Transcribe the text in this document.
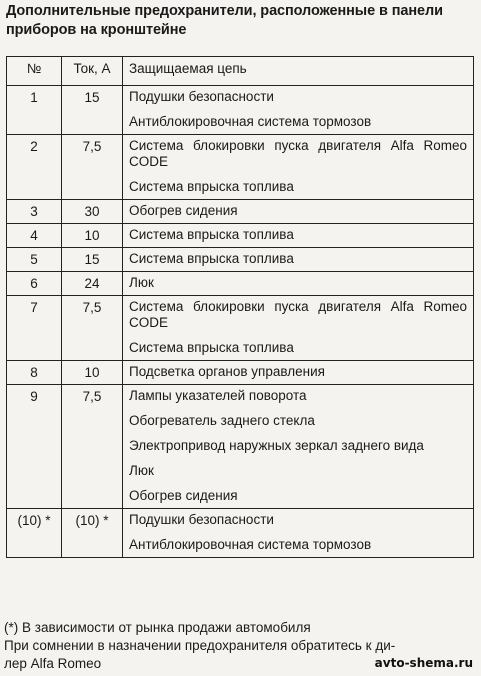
Дополнительные предохранители, расположенные в панели приборов на кронштейне
№	Ток, А	Защищаемая цепь
1	15	Подушки безопасности
Антиблокировочная система тормозов

2	7,5	Система блокировки пуска двигателя Alfa Romeo CODE
Система впрыска топлива

3	30	Обогрев сидения

4	10	Система впрыска топлива

5	15	Система впрыска топлива

6	24	Люк

7	7,5	Система блокировки пуска двигателя Alfa Romeo CODE
Система впрыска топлива

8	10	Подсветка органов управления

9	7,5	Лампы указателей поворота
Обогреватель заднего стекла
Электропривод наружных зеркал заднего вида
Люк
Обогрев сидения

(10) *	(10) *	Подушки безопасности
Антиблокировочная система тормозов
(*) В зависимости от рынка продажи автомобиля
При сомнении в назначении предохранителя обратитесь к ди-
лер Alfa Romeo	avto-shema.ru
